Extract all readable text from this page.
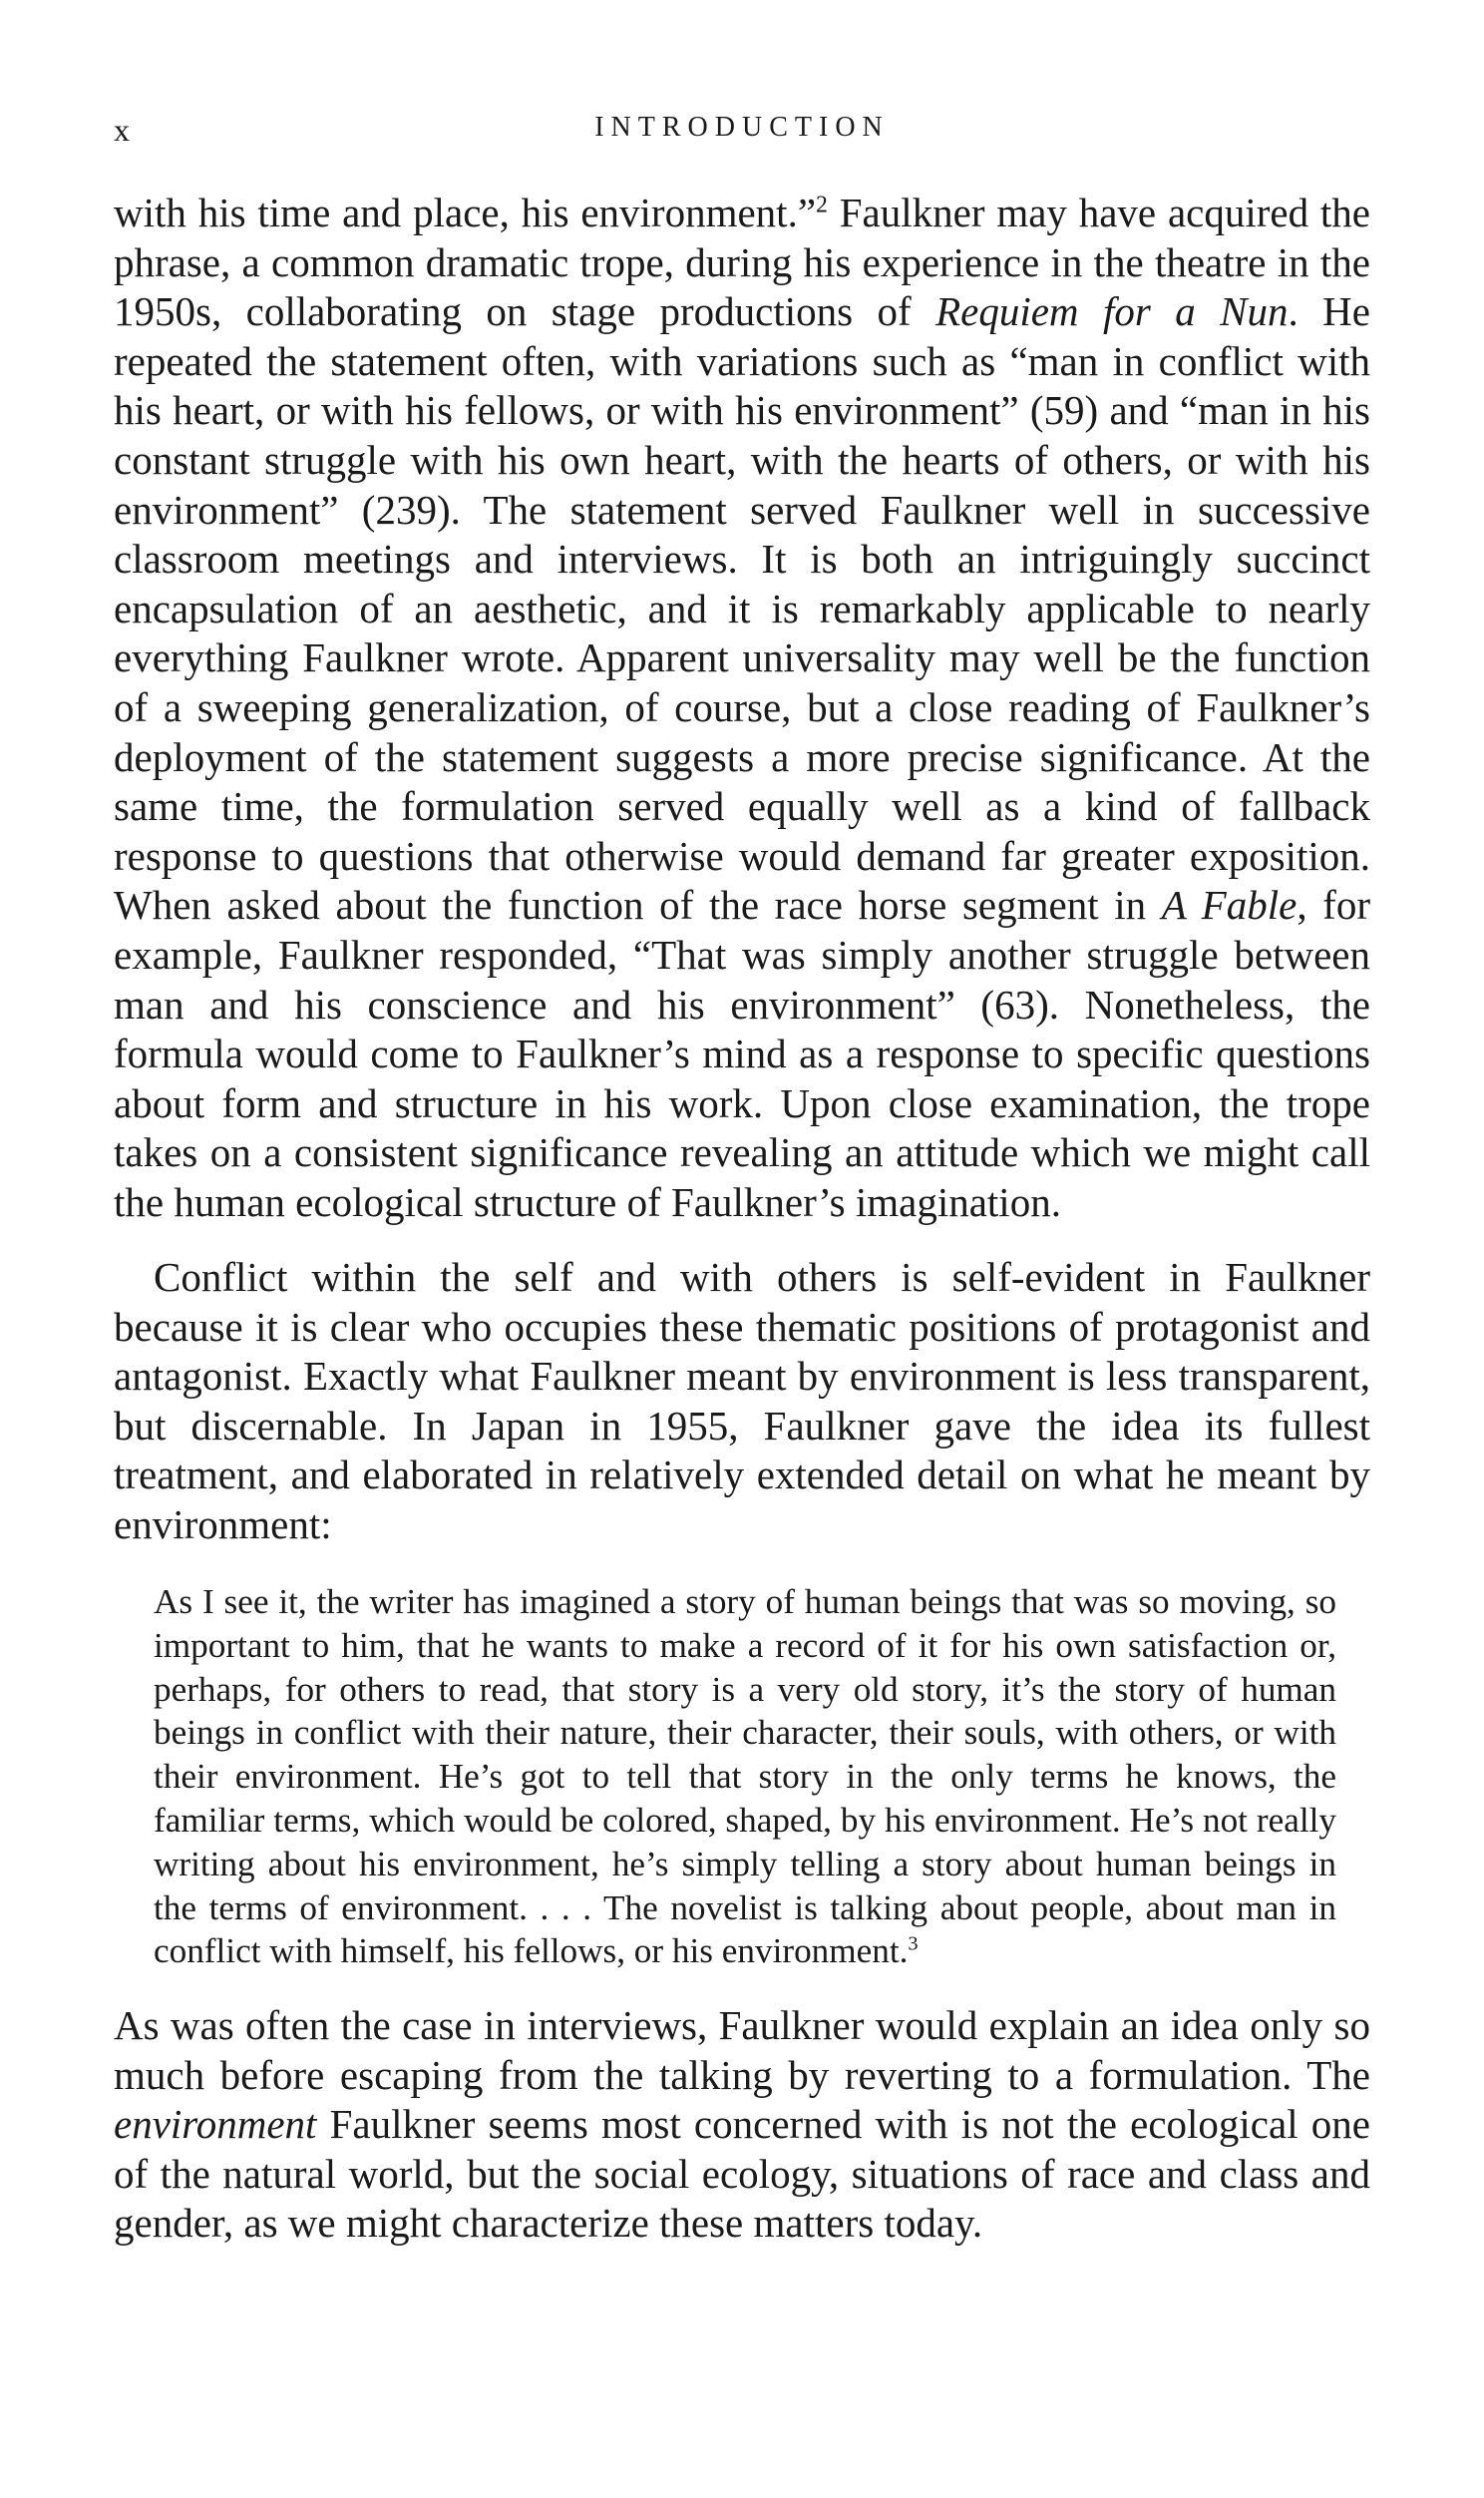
x	INTRODUCTION

with his time and place, his environment.”$^2$ Faulkner may have acquired the phrase, a common dramatic trope, during his experience in the theatre in the 1950s, collaborating on stage productions of Requiem for a Nun. He repeated the statement often, with variations such as “man in conflict with his heart, or with his fellows, or with his environment” (59) and “man in his constant struggle with his own heart, with the hearts of others, or with his environment” (239). The statement served Faulkner well in successive classroom meetings and interviews. It is both an intriguingly succinct encapsulation of an aesthetic, and it is remarkably applicable to nearly everything Faulkner wrote. Apparent universality may well be the function of a sweeping generalization, of course, but a close reading of Faulkner’s deployment of the statement suggests a more precise significance. At the same time, the formulation served equally well as a kind of fallback response to questions that otherwise would demand far greater exposition. When asked about the function of the race horse segment in A Fable, for example, Faulkner responded, “That was simply another struggle between man and his conscience and his environment” (63). Nonetheless, the formula would come to Faulkner’s mind as a response to specific questions about form and structure in his work. Upon close examination, the trope takes on a consistent significance revealing an attitude which we might call the human ecological structure of Faulkner’s imagination.

Conflict within the self and with others is self-evident in Faulkner because it is clear who occupies these thematic positions of protagonist and antagonist. Exactly what Faulkner meant by environment is less transparent, but discernable. In Japan in 1955, Faulkner gave the idea its fullest treatment, and elaborated in relatively extended detail on what he meant by environment:

As I see it, the writer has imagined a story of human beings that was so moving, so important to him, that he wants to make a record of it for his own satisfaction or, perhaps, for others to read, that story is a very old story, it’s the story of human beings in conflict with their nature, their character, their souls, with others, or with their environment. He’s got to tell that story in the only terms he knows, the familiar terms, which would be colored, shaped, by his environment. He’s not really writing about his environment, he’s simply telling a story about human beings in the terms of environment. . . . The novelist is talking about people, about man in conflict with himself, his fellows, or his environment.$^3$

As was often the case in interviews, Faulkner would explain an idea only so much before escaping from the talking by reverting to a formulation. The environment Faulkner seems most concerned with is not the ecological one of the natural world, but the social ecology, situations of race and class and gender, as we might characterize these matters today.
